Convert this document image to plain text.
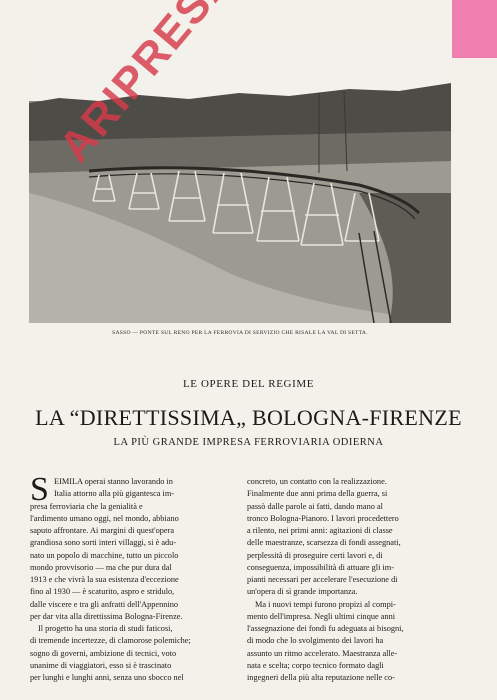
SASSO — PONTE SUL RENO PER LA FERROVIA DI SERVIZIO CHE RISALE LA VAL DI SETTA.
LE OPERE DEL REGIME
LA “DIRETTISSIMA„ BOLOGNA-FIRENZE
LA PIÙ GRANDE IMPRESA FERROVIARIA ODIERNA
S EIMILA operai stanno lavorando in
Italia attorno alla più gigantesca im-
presa ferroviaria che la genialità e
l'ardimento umano oggi, nel mondo, abbiano
saputo affrontare. Ai margini di quest'opera
grandiosa sono sorti interi villaggi, si è adu-
nato un popolo di macchine, tutto un piccolo
mondo provvisorio — ma che pur dura dal
1913 e che vivrà la sua esistenza d'eccezione
fino al 1930 — è scaturito, aspro e stridulo,
dalle viscere e tra gli anfratti dell'Appennino
per dar vita alla direttissima Bologna-Firenze.
Il progetto ha una storia di studi faticosi,
di tremende incertezze, di clamorose polemiche;
sogno di governi, ambizione di tecnici, voto
unanime di viaggiatori, esso si è trascinato
per lunghi e lunghi anni, senza uno sbocco nel
concreto, un contatto con la realizzazione.
Finalmente due anni prima della guerra, si
passò dalle parole ai fatti, dando mano al
tronco Bologna-Pianoro. I lavori procedettero
a rilento, nei primi anni: agitazioni di classe
delle maestranze, scarsezza di fondi assegnati,
perplessità di proseguire certi lavori e, di
conseguenza, impossibilità di attuare gli im-
pianti necessari per accelerare l'esecuzione di
un'opera di sì grande importanza.
Ma i nuovi tempi furono propizi al compi-
mento dell'impresa. Negli ultimi cinque anni
l'assegnazione dei fondi fu adeguata ai bisogni,
di modo che lo svolgimento dei lavori ha
assunto un ritmo accelerato. Maestranza alle-
nata e scelta; corpo tecnico formato dagli
ingegneri della più alta reputazione nelle co-
